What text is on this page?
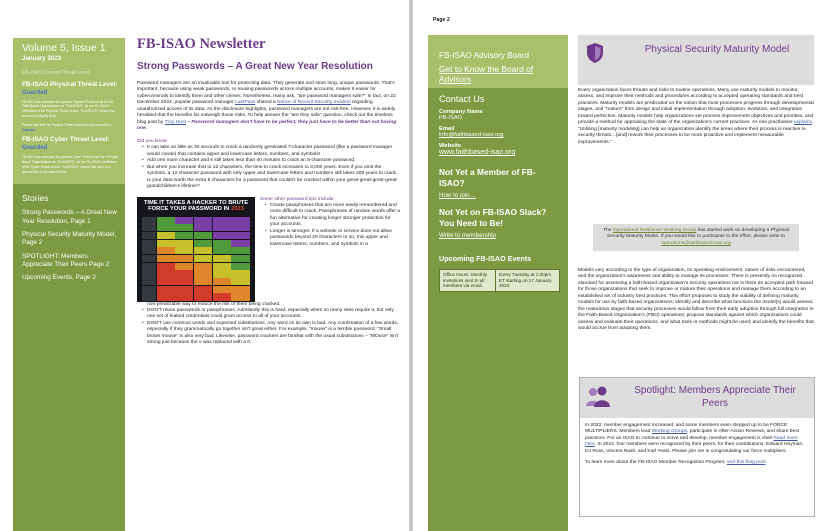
Volume 5, Issue 1
January 2023
FB-ISAO Current Threat Level
FB-ISAO Physical Threat Level:
Guarded
FB-ISAO has assessed the general Physical Threat Level for US Faith-Based Organizations as "GUARDED," as per FB-ISAO's definitions of the Physical Threat Levels. "GUARDED" means that an event is slightly likely.
Please note that the Physical Threat Level has been lowered to Guarded
FB-ISAO Cyber Threat Level:
Guarded
FB-ISAO has assessed the general Cyber Threat Level for US Faith-Based Organizations as "GUARDED," as per FB-ISAO's definitions of the Cyber Threat Levels. "GUARDED" means that there is a general risk of increased threat.
Stories
Strong Passwords – A Great New Year Resolution, Page 1
Physical Security Maturity Model, Page 2
SPOTLIGHT: Members Appreciate Their Peers Page 2
Upcoming Events, Page 2
FB-ISAO Newsletter
Strong Passwords – A Great New Year Resolution

Password managers are an invaluable tool for protecting data. They generate and store long, unique passwords. That's important, because using weak passwords, or reusing passwords across multiple accounts, makes it easier for cybercriminals to identify them and other crimes. Nonetheless, many ask, "are password managers safe?" In fact, on 22 December 2022, popular password manager LastPass shared a Notice of Recent Security Incident regarding unauthorized access of its data. As the disclosure highlights, password managers are not risk-free. However, it is widely heralded that the benefits far outweigh those risks. To help answer the "are they safe" question, check out the timeless blog post by Troy Hunt – Password managers don't have to be perfect, they just have to be better than not having one.

Did you know:

• It can take as little as 30 seconds to crack a randomly generated 7-character password (like a password manager would create) that contains upper and lowercase letters, numbers, and symbols!
• Add one more character and it still takes less than 40 minutes to crack an 8-character password.
• But when you increase that to 12 characters, the time to crack increases to 3,000 years. Even if you omit the symbols, a 12-character password with only upper and lowercase letters and numbers still takes 200 years to crack. Is your data worth the extra 5 characters for a password that couldn't be cracked within your great-great-great-great-grandchildren's lifetime?
TIME IT TAKES A HACKER TO BRUTE FORCE YOUR PASSWORD IN 2023
Some other password tips include:
• Create passphrases that are more easily remembered and more difficult to crack. Passphrases of random words offer a fun alternative for creating longer stronger protection for your accounts.
• Longer is stronger. If a website or service does not allow passwords beyond 20 characters or so, mix upper and lowercase letters, numbers, and symbols in a

non-predictable way to reduce the risk of them being cracked.

• DON'T reuse passwords or passphrases. Admittedly this is hard, especially when so many sites require it, but only one set of leaked credentials could grant access to all of your accounts.
• DON'T use common words and expected substitutions. Any word on its own is bad. Any combination of a few words, especially if they grammatically go together isn't great either. For example, "mouse" is a terrible password. "Small brown mouse" is also very bad. Likewise, password crackers are familiar with the usual substitutions – "MOuse" isn't strong just because the o was replaced with a 0.
Page 2
FB-ISAO Advisory Board
Get to Know the Board of Advisors
Contact Us
Company Name
FB-ISAO
Email
info@faithbased-isao.org
Website
www.faithbased-isao.org
Not Yet a Member of FB-ISAO?
How to join…
Not Yet on FB-ISAO Slack? You Need to Be!
Write to membership
Upcoming FB-ISAO Events
Office Hours. Monthly invitations sent to all members via email.
Every Tuesday at 1:00pm ET starting on 17 January 2023
Physical Security Maturity Model

Every organization faces threats and risks to routine operations. Many use maturity models to monitor, assess, and improve their methods and procedures according to accepted operating standards and best practices. Maturity models are predicated on the notion that most processes progress through developmental stages, and "mature" from design and initial implementation through adoption, evolution, and integration toward perfection. Maturity models help organizations set process improvement objectives and priorities, and provide a method for appraising the state of the organization's current practices. As one practitioner explains, "Utilizing [maturity modeling] can help an organization identify the areas where their process is reactive to security threats…[and] rework their processes to be more proactive and implement measurable improvements."

The Operational Resilience Working Group has started work on developing a Physical Security Maturity Model. If you would like to participate in the effort, please write to operations@faithbased-isao.org

Models vary according to the type of organization, its operating environment, nature of risks encountered, and the organization's awareness and ability to manage its processes. There is presently no recognized standard for assessing a faith-based organization's security operations nor is there an accepted path forward for those organizations that seek to improve or mature their operations and manage them according to an established set of industry best practices. This effort proposes to study the viability of defining maturity models for use by faith-based organizations; identify and describe what functions the model(s) would assess; the maturation stages that security processes would follow from their early adoption through full integration in the Faith-Based Organization's (FBO) operations; propose standards against which organizations could assess and evaluate their operations, and what tools or methods might be used; and identify the benefits that would accrue from adopting them.

Spotlight: Members Appreciate Their Peers

In 2022, member engagement increased, and some members even stepped up to be FORCE MULTIPLIERS. Members lead Working Groups, participate in After-Action Reviews, and share best practices. For an ISAO to continue to serve and develop, member engagement is vital! Read more here. In 2022, four members were recognized by their peers, for their contributions: Edward Heyman, DJ Ross, Vincent Nash, and Karl Yeats. Please join me in congratulating our force multipliers.

To learn more about the FB-ISAO Member Recognition Program, visit this blog post.
